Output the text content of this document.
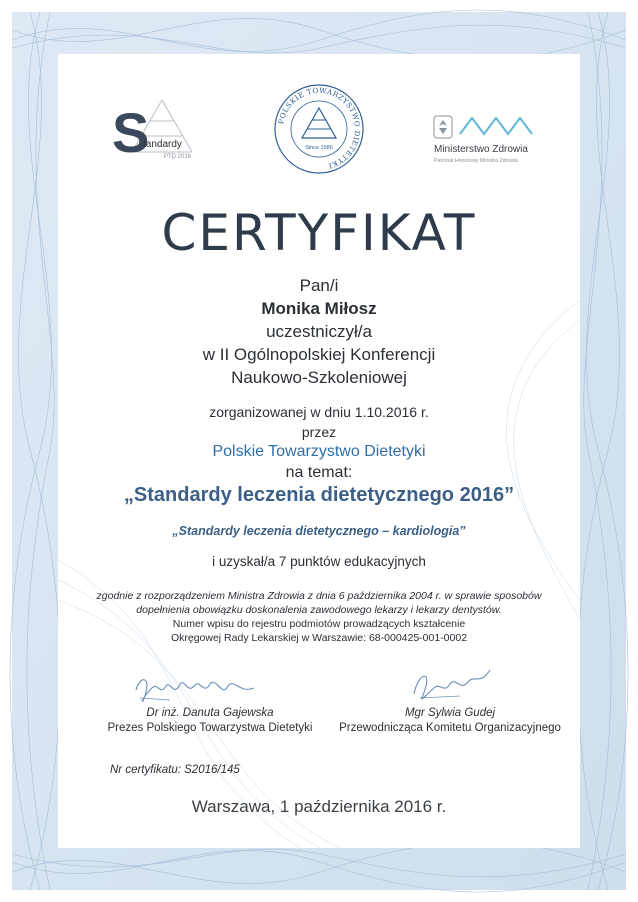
S
tandardy
PTD 2016
POLSKIE TOWARZYSTWO DIETETYKI
Since 1986	Ministerstwo Zdrowia
Patronat Honorowy Ministra Zdrowia
CERTYFIKAT
Pan/i
Monika Miłosz
uczestniczył/a
w II Ogólnopolskiej Konferencji
Naukowo-Szkoleniowej
zorganizowanej w dniu 1.10.2016 r.
przez
Polskie Towarzystwo Dietetyki
na temat:
„Standardy leczenia dietetycznego 2016”
„Standardy leczenia dietetycznego – kardiologia”
i uzyskał/a 7 punktów edukacyjnych
zgodnie z rozporządzeniem Ministra Zdrowia z dnia 6 października 2004 r. w sprawie sposobów
dopełnienia obowiązku doskonalenia zawodowego lekarzy i lekarzy dentystów.
Numer wpisu do rejestru podmiotów prowadzących kształcenie
Okręgowej Rady Lekarskiej w Warszawie: 68-000425-001-0002
Dr inż. Danuta Gajewska
Prezes Polskiego Towarzystwa Dietetyki
Mgr Sylwia Gudej
Przewodnicząca Komitetu Organizacyjnego
Nr certyfikatu: S2016/145
Warszawa, 1 października 2016 r.
